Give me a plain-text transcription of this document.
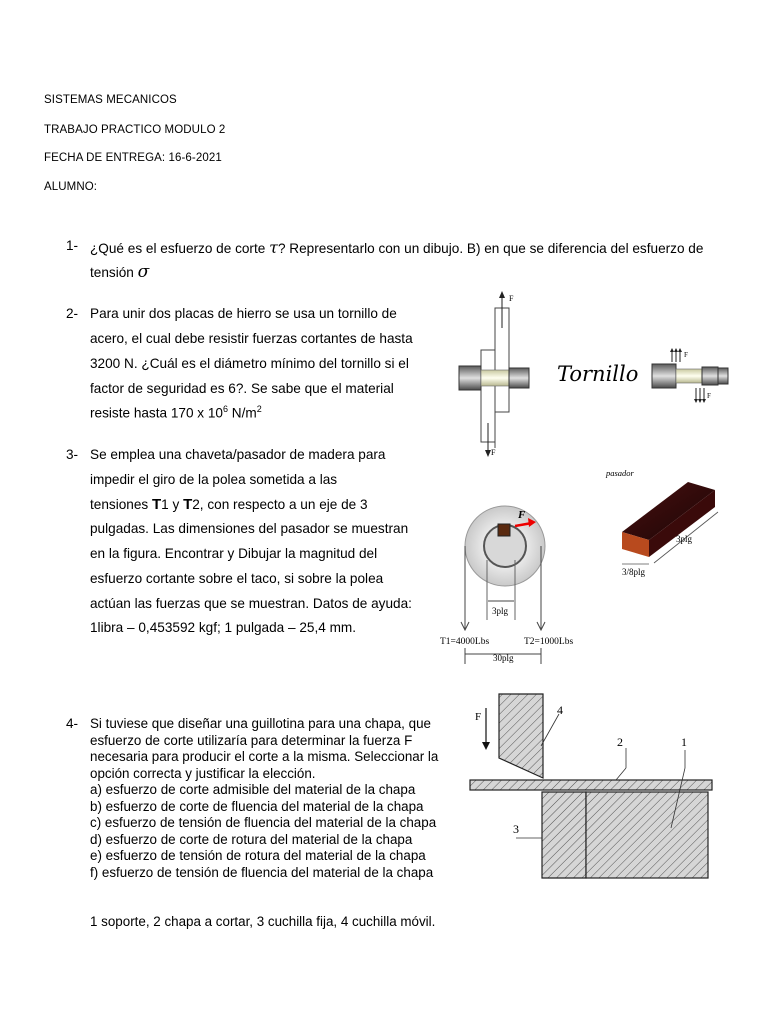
SISTEMAS MECANICOS
TRABAJO PRACTICO MODULO 2
FECHA DE ENTREGA: 16-6-2021
ALUMNO:
1- ¿Qué es el esfuerzo de corte τ? Representarlo con un dibujo. B) en que se diferencia del esfuerzo de
tensión σ
2- Para unir dos placas de hierro se usa un tornillo de
acero, el cual debe resistir fuerzas cortantes de hasta
3200 N. ¿Cuál es el diámetro mínimo del tornillo si el
factor de seguridad es 6?. Se sabe que el material
resiste hasta 170 x $10^6$ $N/m^2$
3- Se emplea una chaveta/pasador de madera para
impedir el giro de la polea sometida a las
tensiones T1 y T2, con respecto a un eje de 3
pulgadas. Las dimensiones del pasador se muestran
en la figura. Encontrar y Dibujar la magnitud del
esfuerzo cortante sobre el taco, si sobre la polea
actúan las fuerzas que se muestran. Datos de ayuda:
1libra – 0,453592 kgf; 1 pulgada – 25,4 mm.
4- Si tuviese que diseñar una guillotina para una chapa, que
esfuerzo de corte utilizaría para determinar la fuerza F
necesaria para producir el corte a la misma. Seleccionar la
opción correcta y justificar la elección.
a) esfuerzo de corte admisible del material de la chapa
b) esfuerzo de corte de fluencia del material de la chapa
c) esfuerzo de tensión de fluencia del material de la chapa
d) esfuerzo de corte de rotura del material de la chapa
e) esfuerzo de tensión de rotura del material de la chapa
f) esfuerzo de tensión de fluencia del material de la chapa
1 soporte, 2 chapa a cortar, 3 cuchilla fija, 4 cuchilla móvil.
F
F
Tornillo
F
F
F
3plg
T1=4000Lbs	T2=1000Lbs
30plg
pasador
3plg
3/8plg
F	4
2	1
3
